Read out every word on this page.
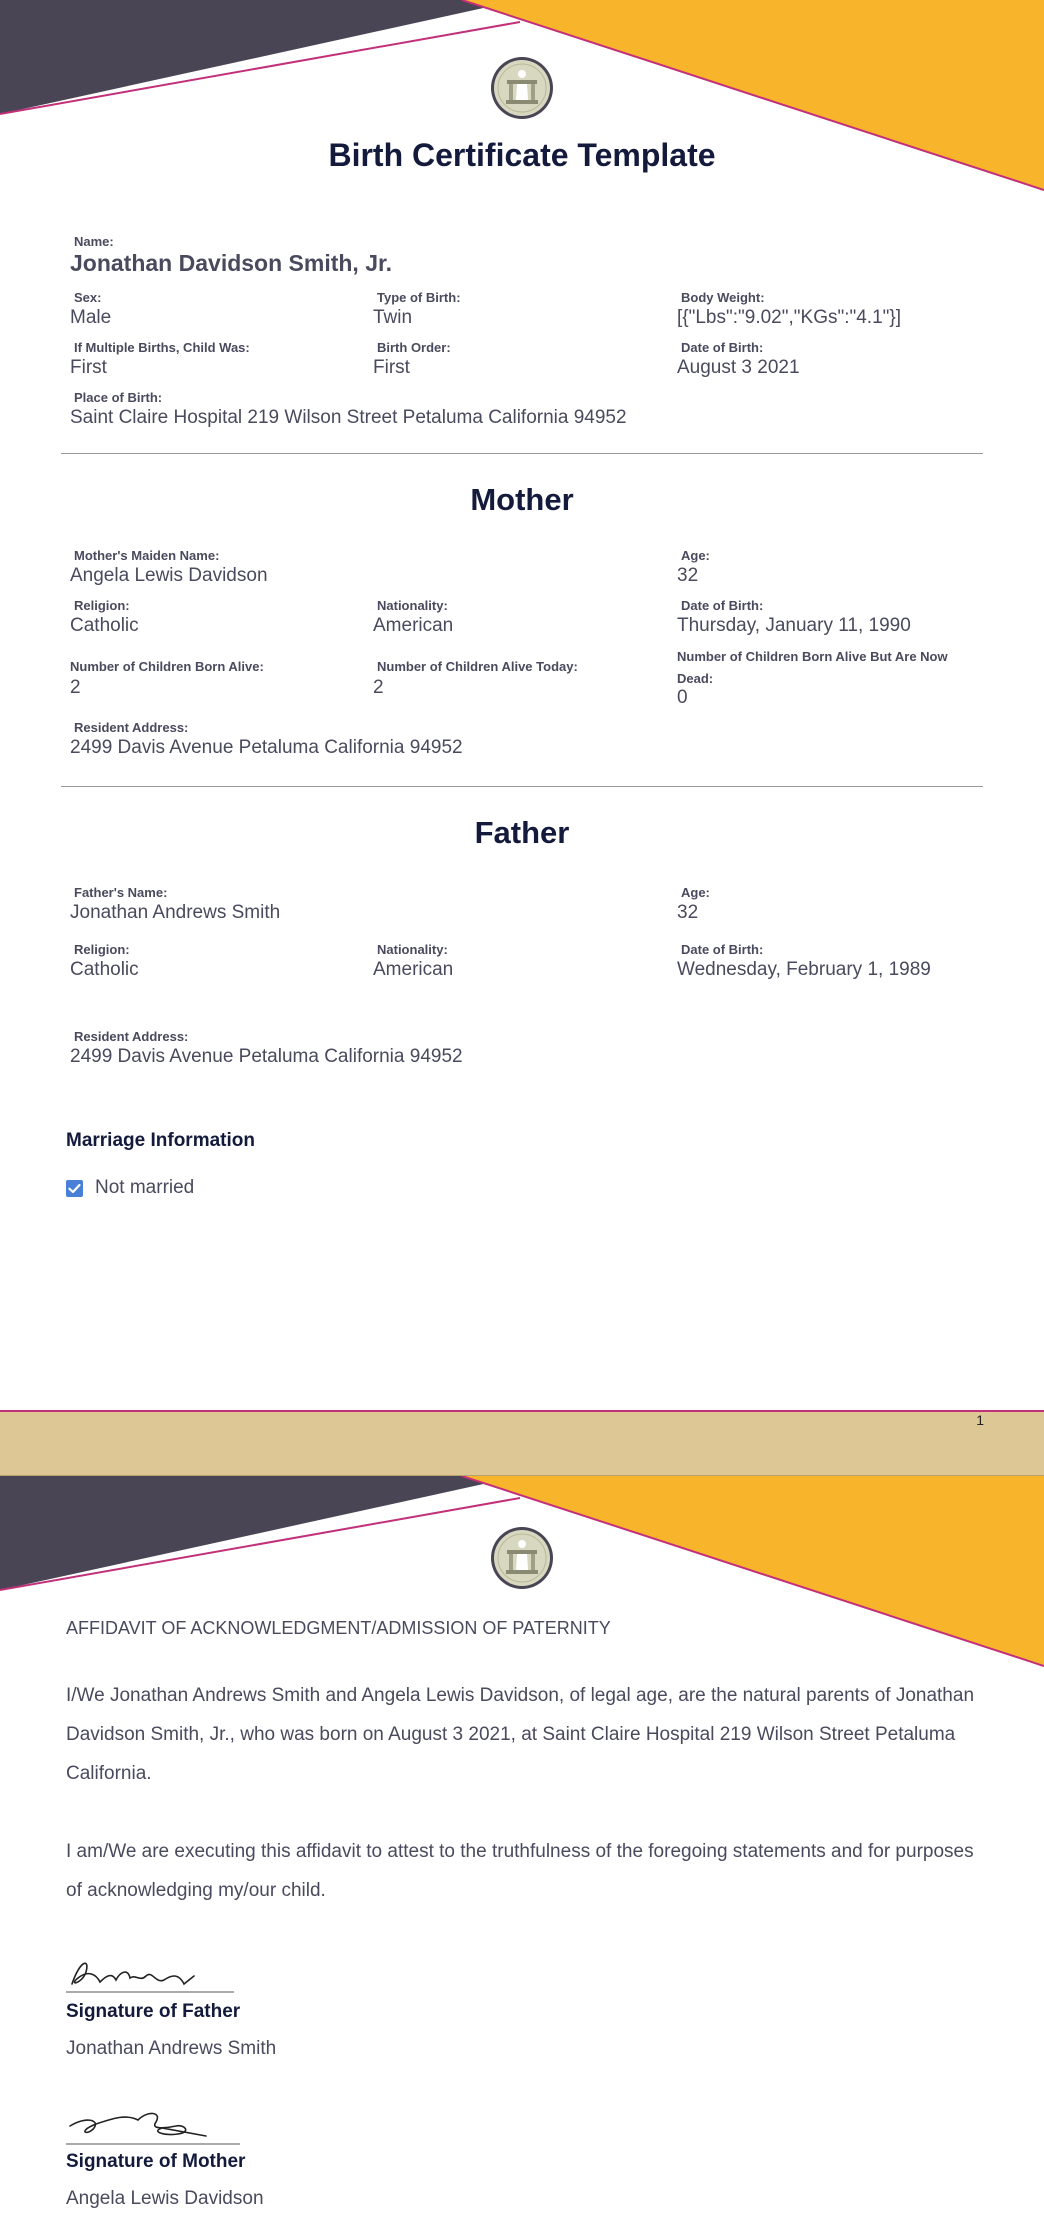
Birth Certificate Template
Name:
Jonathan Davidson Smith, Jr.
Sex:
Male
Type of Birth:
Twin
Body Weight:
[{"Lbs":"9.02","KGs":"4.1"}]
If Multiple Births, Child Was:
First
Birth Order:
First
Date of Birth:
August 3 2021
Place of Birth:
Saint Claire Hospital 219 Wilson Street Petaluma California 94952
Mother
Mother's Maiden Name:
Angela Lewis Davidson
Age:
32
Religion:
Catholic
Nationality:
American
Date of Birth:
Thursday, January 11, 1990
Number of Children Born Alive:
2
Number of Children Alive Today:
2
Number of Children Born Alive But Are Now Dead:
0
Resident Address:
2499 Davis Avenue Petaluma California 94952
Father
Father's Name:
Jonathan Andrews Smith
Age:
32
Religion:
Catholic
Nationality:
American
Date of Birth:
Wednesday, February 1, 1989
Resident Address:
2499 Davis Avenue Petaluma California 94952
Marriage Information
Not married
1
AFFIDAVIT OF ACKNOWLEDGMENT/ADMISSION OF PATERNITY
I/We Jonathan Andrews Smith and Angela Lewis Davidson, of legal age, are the natural parents of Jonathan Davidson Smith, Jr., who was born on August 3 2021, at Saint Claire Hospital 219 Wilson Street Petaluma California.
I am/We are executing this affidavit to attest to the truthfulness of the foregoing statements and for purposes of acknowledging my/our child.
Signature of Father
Jonathan Andrews Smith
Signature of Mother
Angela Lewis Davidson
